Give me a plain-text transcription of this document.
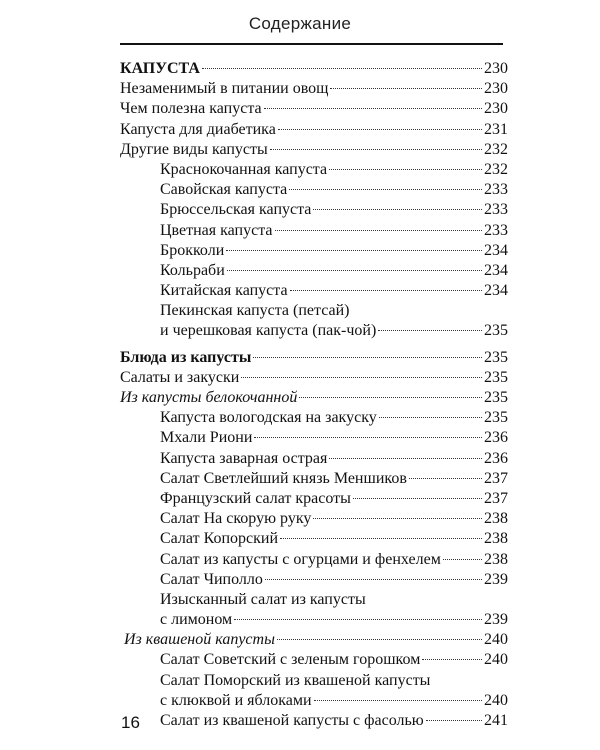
Содержание
КАПУСТА	230
Незаменимый в питании овощ	230
Чем полезна капуста	230
Капуста для диабетика	231
Другие виды капусты	232
Краснокочанная капуста	232
Савойская капуста	233
Брюссельская капуста	233
Цветная капуста	233
Брокколи	234
Кольраби	234
Китайская капуста	234
Пекинская капуста (петсай)
и черешковая капуста (пак-чой)	235
Блюда из капусты	235
Салаты и закуски	235
Из капусты белокочанной	235
Капуста вологодская на закуску	235
Мхали Риони	236
Капуста заварная острая	236
Салат Светлейший князь Меншиков	237
Французский салат красоты	237
Салат На скорую руку	238
Салат Копорский	238
Салат из капусты с огурцами и фенхелем	238
Салат Чиполло	239
Изысканный салат из капусты
с лимоном	239
Из квашеной капусты	240
Салат Советский с зеленым горошком	240
Салат Поморский из квашеной капусты
с клюквой и яблоками	240
Салат из квашеной капусты с фасолью	241
16
